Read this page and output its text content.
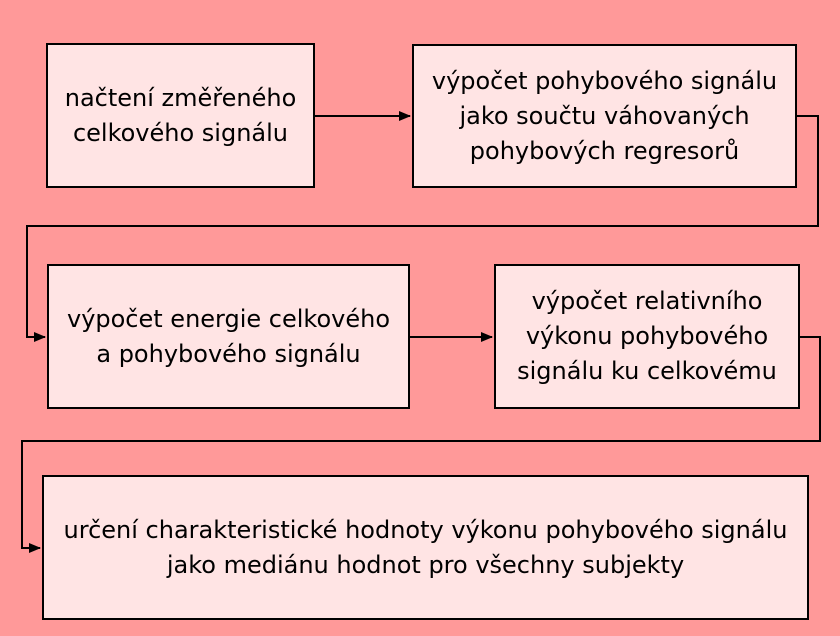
načtení změřeného
celkového signálu
výpočet pohybového signálu
jako součtu váhovaných
pohybových regresorů
výpočet energie celkového
a pohybového signálu
výpočet relativního
výkonu pohybového
signálu ku celkovému
určení charakteristické hodnoty výkonu pohybového signálu
jako mediánu hodnot pro všechny subjekty
